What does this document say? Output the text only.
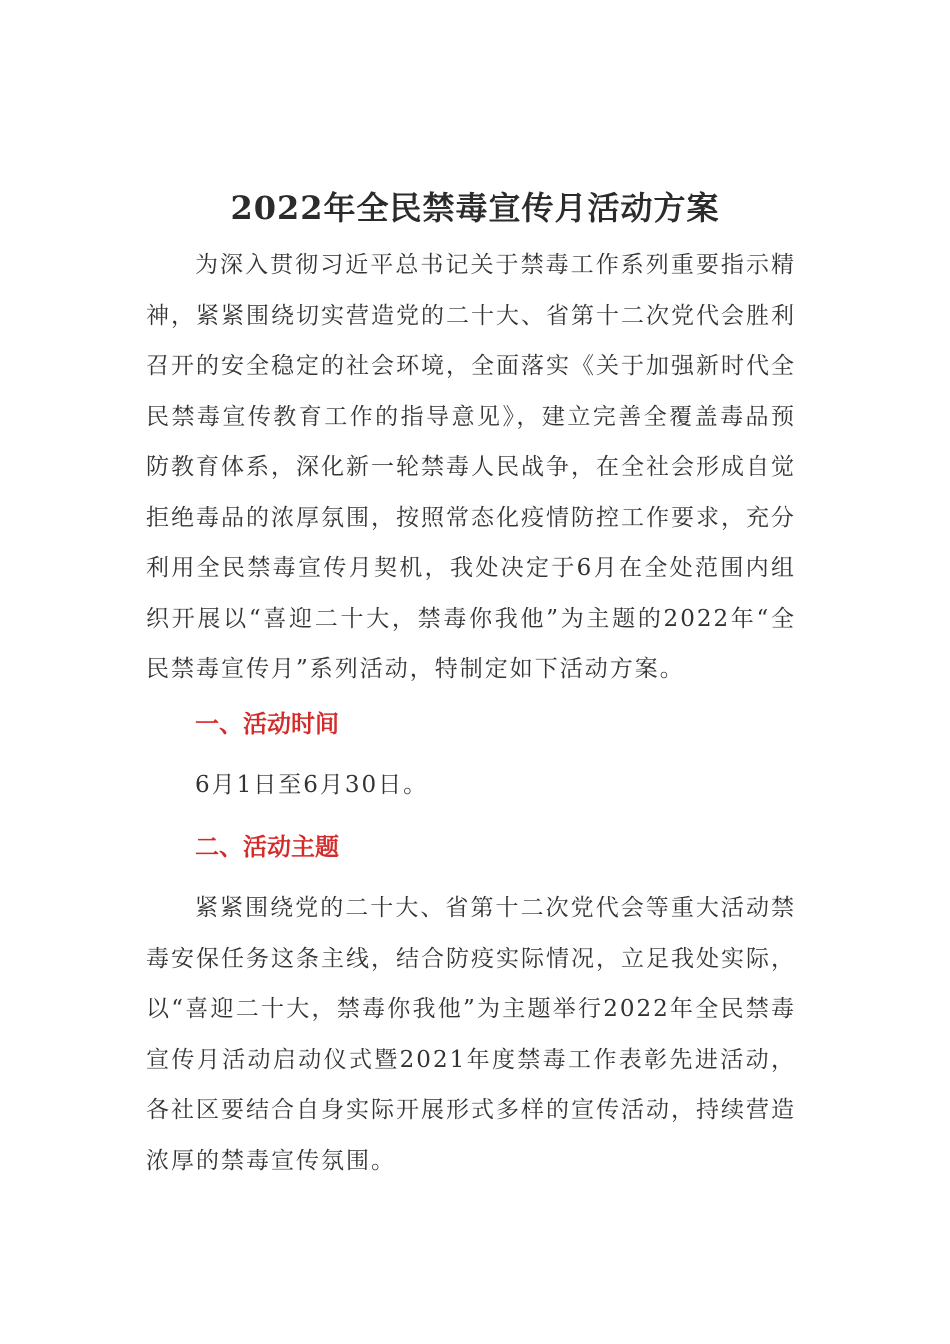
2022年全民禁毒宣传月活动方案

为深入贯彻习近平总书记关于禁毒工作系列重要指示精神，紧紧围绕切实营造党的二十大、省第十二次党代会胜利召开的安全稳定的社会环境，全面落实《关于加强新时代全民禁毒宣传教育工作的指导意见》，建立完善全覆盖毒品预防教育体系，深化新一轮禁毒人民战争，在全社会形成自觉拒绝毒品的浓厚氛围，按照常态化疫情防控工作要求，充分利用全民禁毒宣传月契机，我处决定于6月在全处范围内组织开展以“喜迎二十大，禁毒你我他”为主题的2022年“全民禁毒宣传月”系列活动，特制定如下活动方案。

一、活动时间

6月1日至6月30日。

二、活动主题

紧紧围绕党的二十大、省第十二次党代会等重大活动禁毒安保任务这条主线，结合防疫实际情况，立足我处实际，以“喜迎二十大，禁毒你我他”为主题举行2022年全民禁毒宣传月活动启动仪式暨2021年度禁毒工作表彰先进活动，各社区要结合自身实际开展形式多样的宣传活动，持续营造浓厚的禁毒宣传氛围。
